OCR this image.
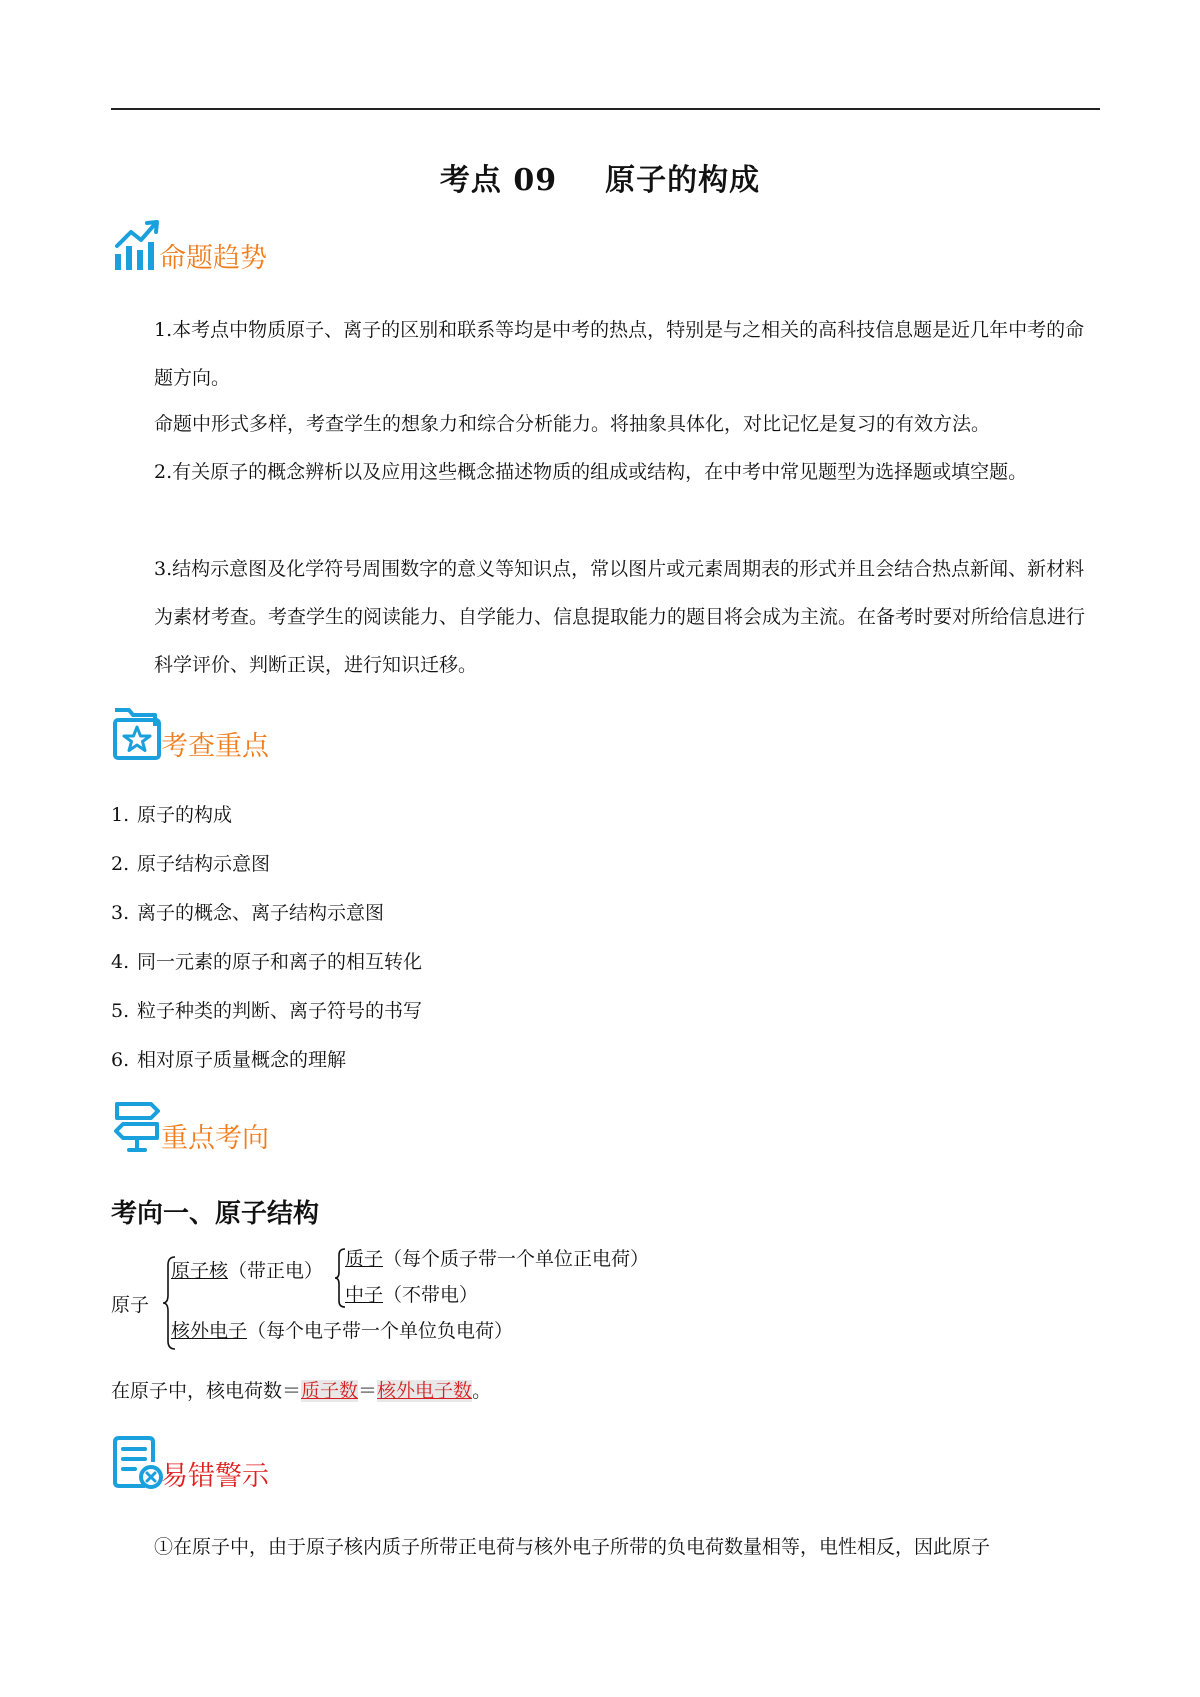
考点 09 原子的构成
命题趋势

1.本考点中物质原子、离子的区别和联系等均是中考的热点，特别是与之相关的高科技信息题是近几年中考的命题方向。

命题中形式多样，考查学生的想象力和综合分析能力。将抽象具体化，对比记忆是复习的有效方法。

2.有关原子的概念辨析以及应用这些概念描述物质的组成或结构，在中考中常见题型为选择题或填空题。

3.结构示意图及化学符号周围数字的意义等知识点，常以图片或元素周期表的形式并且会结合热点新闻、新材料为素材考查。考查学生的阅读能力、自学能力、信息提取能力的题目将会成为主流。在备考时要对所给信息进行科学评价、判断正误，进行知识迁移。

考查重点
1. 原子的构成
2. 原子结构示意图
3. 离子的概念、离子结构示意图
4. 同一元素的原子和离子的相互转化
5. 粒子种类的判断、离子符号的书写
6. 相对原子质量概念的理解
重点考向
考向一、原子结构
原子
原子核（带正电）
质子（每个质子带一个单位正电荷）
中子（不带电）
核外电子（每个电子带一个单位负电荷）
在原子中，核电荷数＝质子数＝核外电子数。
易错警示
①在原子中，由于原子核内质子所带正电荷与核外电子所带的负电荷数量相等，电性相反，因此原子
